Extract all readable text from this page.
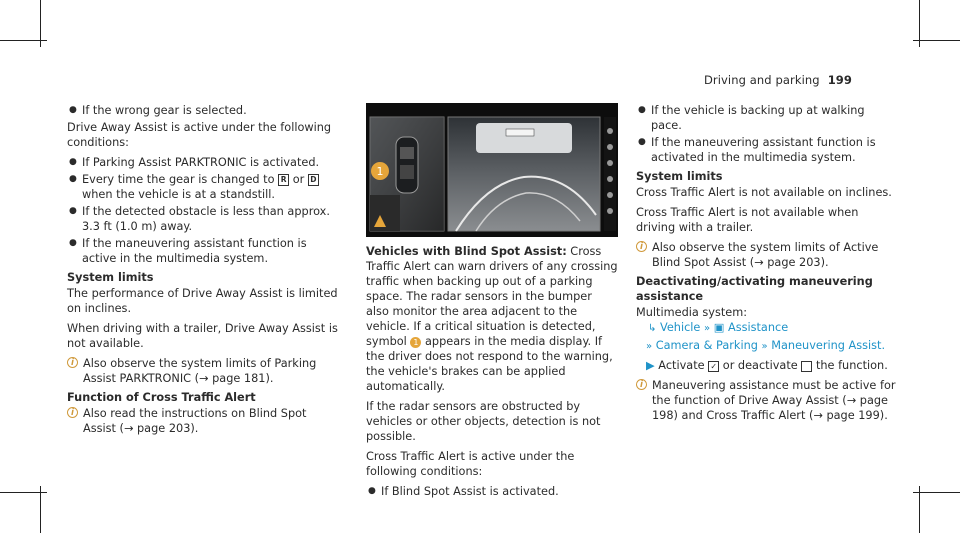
Driving and parking 199
● If the wrong gear is selected.

Drive Away Assist is active under the following conditions:

● If Parking Assist PARKTRONIC is activated.
● Every time the gear is changed to R or D when the vehicle is at a standstill.
● If the detected obstacle is less than approx. 3.3 ft (1.0 m) away.
● If the maneuvering assistant function is active in the multimedia system.
System limits

The performance of Drive Away Assist is limited on inclines.

When driving with a trailer, Drive Away Assist is not available.

i Also observe the system limits of Parking Assist PARKTRONIC (→ page 181).
Function of Cross Traffic Alert
i Also read the instructions on Blind Spot Assist (→ page 203).
1

Vehicles with Blind Spot Assist: Cross Traffic Alert can warn drivers of any crossing traffic when backing up out of a parking space. The radar sensors in the bumper also monitor the area adjacent to the vehicle. If a critical situation is detected, symbol 1 appears in the media display. If the driver does not respond to the warning, the vehicle's brakes can be applied automatically.

If the radar sensors are obstructed by vehicles or other objects, detection is not possible.

Cross Traffic Alert is active under the following conditions:

● If Blind Spot Assist is activated.
● If the vehicle is backing up at walking pace.
● If the maneuvering assistant function is activated in the multimedia system.
System limits

Cross Traffic Alert is not available on inclines.

Cross Traffic Alert is not available when driving with a trailer.

i Also observe the system limits of Active Blind Spot Assist (→ page 203).
Deactivating/activating maneuvering assistance

Multimedia system:

↳ Vehicle » ▣ Assistance
» Camera & Parking » Maneuvering Assist.

▶ Activate ✓ or deactivate the function.

i Maneuvering assistance must be active for the function of Drive Away Assist (→ page 198) and Cross Traffic Alert (→ page 199).
